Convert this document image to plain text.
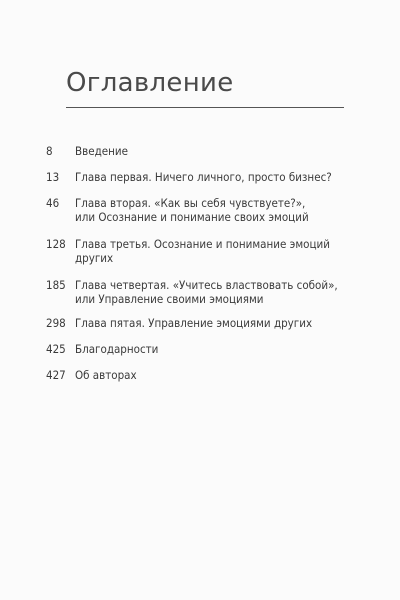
Оглавление
8 Введение
13 Глава первая. Ничего личного, просто бизнес?
46 Глава вторая. «Как вы себя чувствуете?»,
или Осознание и понимание своих эмоций
128 Глава третья. Осознание и понимание эмоций
других
185 Глава четвертая. «Учитесь властвовать собой»,
или Управление своими эмоциями
298 Глава пятая. Управление эмоциями других
425 Благодарности
427 Об авторах
